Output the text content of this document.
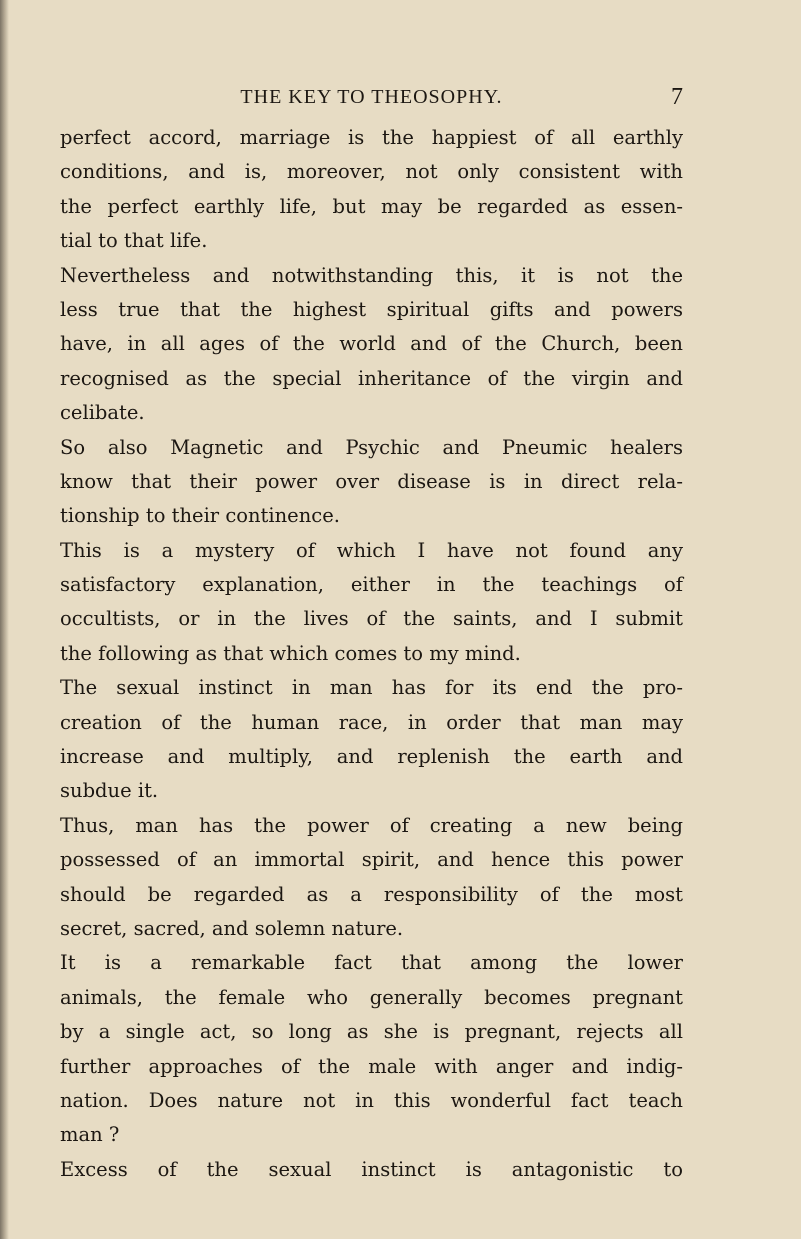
THE KEY TO THEOSOPHY.	7
perfect accord, marriage is the happiest of all earthly
conditions, and is, moreover, not only consistent with
the perfect earthly life, but may be regarded as essen-
tial to that life.
Nevertheless and notwithstanding this, it is not the
less true that the highest spiritual gifts and powers
have, in all ages of the world and of the Church, been
recognised as the special inheritance of the virgin and
celibate.
So also Magnetic and Psychic and Pneumic healers
know that their power over disease is in direct rela-
tionship to their continence.
This is a mystery of which I have not found any
satisfactory explanation, either in the teachings of
occultists, or in the lives of the saints, and I submit
the following as that which comes to my mind.
The sexual instinct in man has for its end the pro-
creation of the human race, in order that man may
increase and multiply, and replenish the earth and
subdue it.
Thus, man has the power of creating a new being
possessed of an immortal spirit, and hence this power
should be regarded as a responsibility of the most
secret, sacred, and solemn nature.
It is a remarkable fact that among the lower
animals, the female who generally becomes pregnant
by a single act, so long as she is pregnant, rejects all
further approaches of the male with anger and indig-
nation. Does nature not in this wonderful fact teach
man ?
Excess of the sexual instinct is antagonistic to
